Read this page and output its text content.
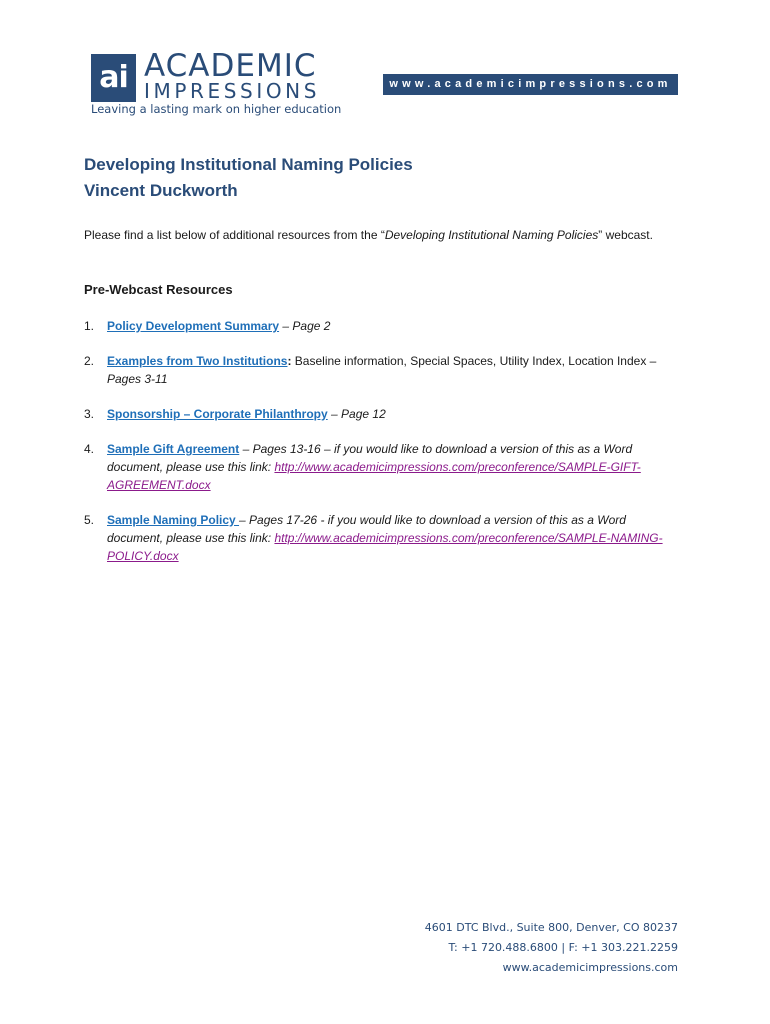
ai ACADEMIC
IMPRESSIONS
Leaving a lasting mark on higher education
www.academicimpressions.com
Developing Institutional Naming Policies
Vincent Duckworth
Please find a list below of additional resources from the “Developing Institutional Naming Policies” webcast.
Pre-Webcast Resources
1. Policy Development Summary – Page 2
2. Examples from Two Institutions: Baseline information, Special Spaces, Utility Index, Location Index – Pages 3-11
3. Sponsorship – Corporate Philanthropy – Page 12
4. Sample Gift Agreement – Pages 13-16 – if you would like to download a version of this as a Word document, please use this link: http://www.academicimpressions.com/preconference/SAMPLE-GIFT-AGREEMENT.docx
5. Sample Naming Policy – Pages 17-26 - if you would like to download a version of this as a Word document, please use this link: http://www.academicimpressions.com/preconference/SAMPLE-NAMING-POLICY.docx
4601 DTC Blvd., Suite 800, Denver, CO 80237
T: +1 720.488.6800 | F: +1 303.221.2259
www.academicimpressions.com
